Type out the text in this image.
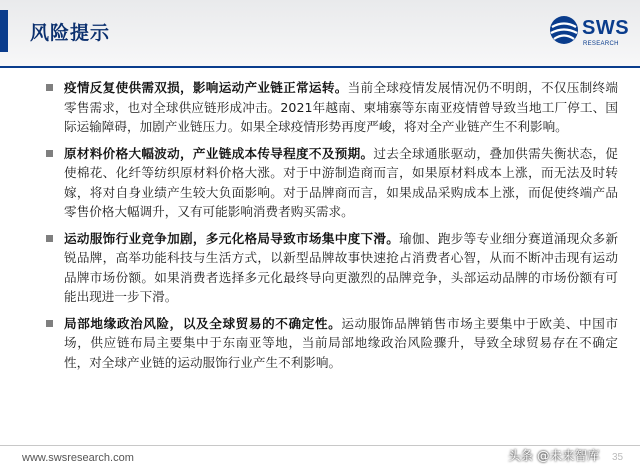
风险提示	SWS
RESEARCH
疫情反复使供需双损，影响运动产业链正常运转。当前全球疫情发展情况仍不明朗，不仅压制终端零售需求，也对全球供应链形成冲击。2021年越南、柬埔寨等东南亚疫情曾导致当地工厂停工、国际运输障碍，加剧产业链压力。如果全球疫情形势再度严峻，将对全产业链产生不利影响。
原材料价格大幅波动，产业链成本传导程度不及预期。过去全球通胀驱动，叠加供需失衡状态，促使棉花、化纤等纺织原材料价格大涨。对于中游制造商而言，如果原材料成本上涨，而无法及时转嫁，将对自身业绩产生较大负面影响。对于品牌商而言，如果成品采购成本上涨，而促使终端产品零售价格大幅调升，又有可能影响消费者购买需求。
运动服饰行业竞争加剧，多元化格局导致市场集中度下滑。瑜伽、跑步等专业细分赛道涌现众多新锐品牌，高举功能科技与生活方式，以新型品牌故事快速抢占消费者心智，从而不断冲击现有运动品牌市场份额。如果消费者选择多元化最终导向更激烈的品牌竞争，头部运动品牌的市场份额有可能出现进一步下滑。
局部地缘政治风险，以及全球贸易的不确定性。运动服饰品牌销售市场主要集中于欧美、中国市场，供应链布局主要集中于东南亚等地，当前局部地缘政治风险骤升，导致全球贸易存在不确定性，对全球产业链的运动服饰行业产生不利影响。
www.swsresearch.com	头条 @未来智库 35
